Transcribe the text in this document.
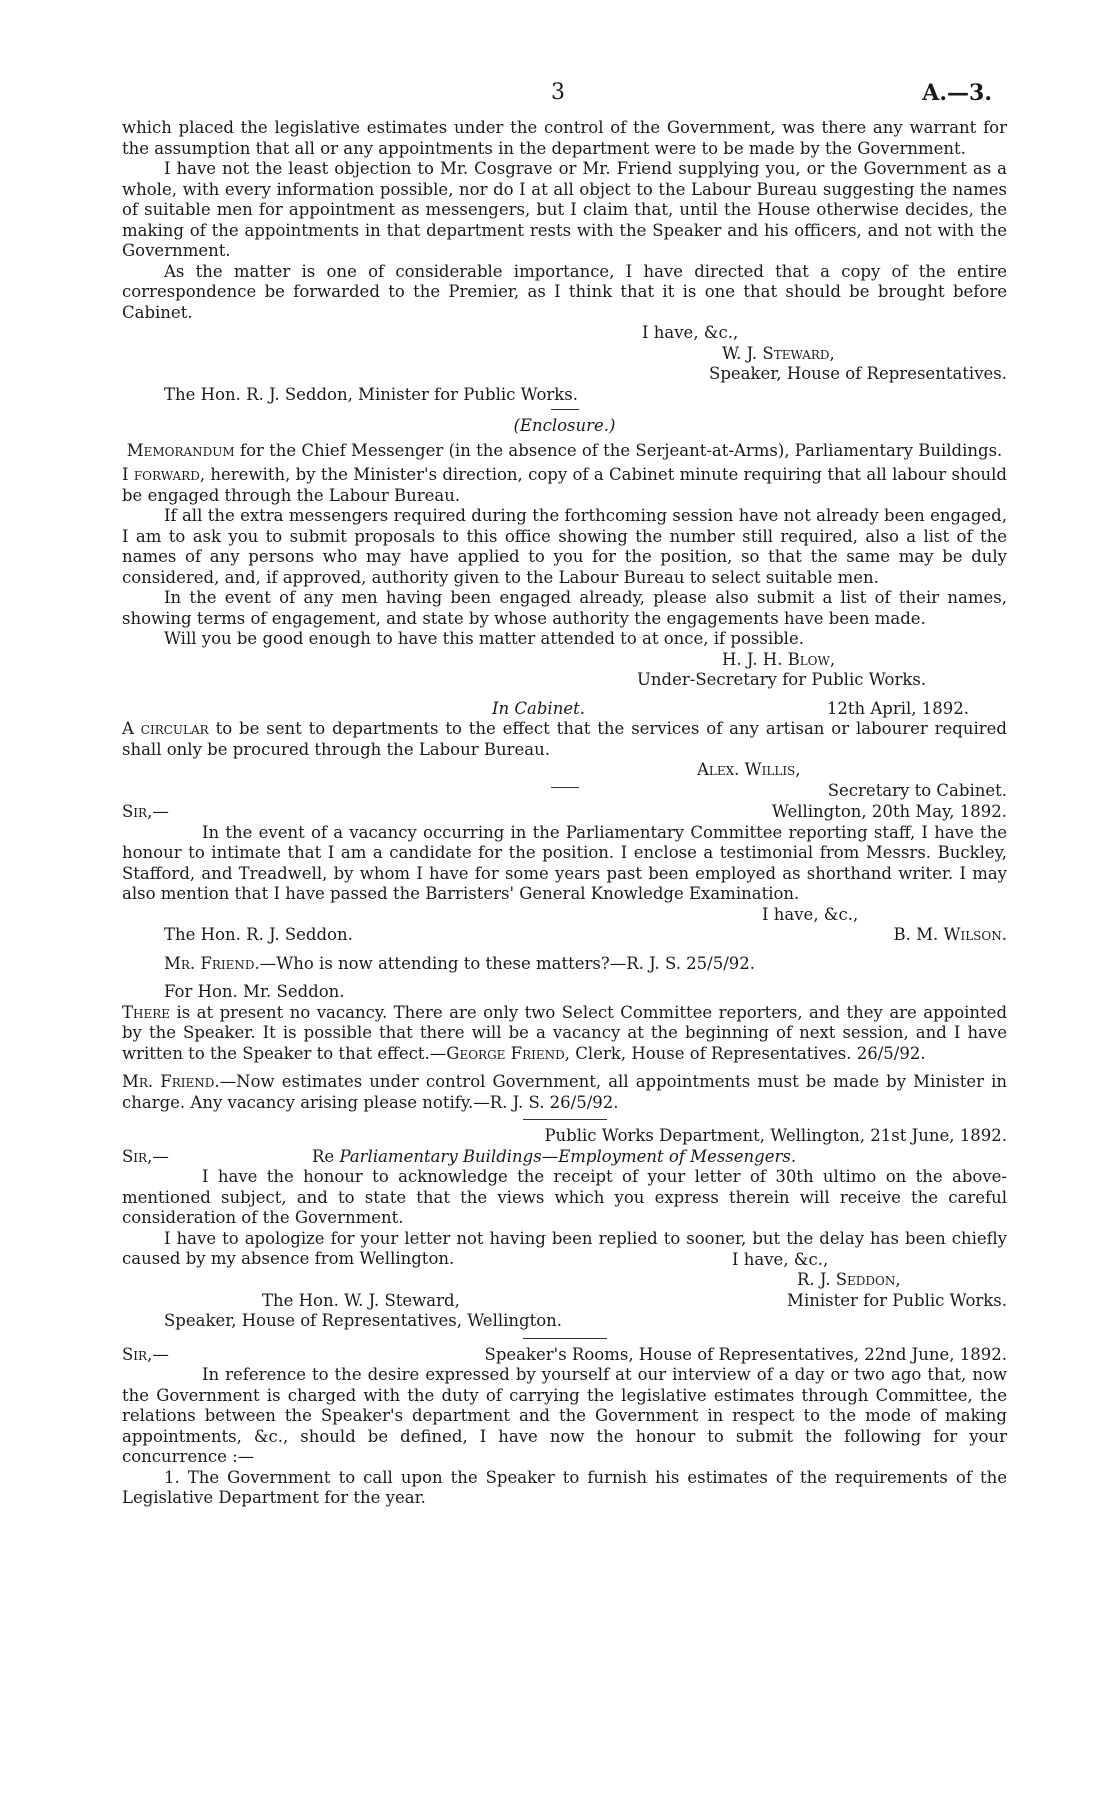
3	A.—3.

which placed the legislative estimates under the control of the Government, was there any warrant for the assumption that all or any appointments in the department were to be made by the Government.

I have not the least objection to Mr. Cosgrave or Mr. Friend supplying you, or the Government as a whole, with every information possible, nor do I at all object to the Labour Bureau suggesting the names of suitable men for appointment as messengers, but I claim that, until the House otherwise decides, the making of the appointments in that department rests with the Speaker and his officers, and not with the Government.

As the matter is one of considerable importance, I have directed that a copy of the entire correspondence be forwarded to the Premier, as I think that it is one that should be brought before Cabinet.

I have, &c.,

W. J. Steward,

Speaker, House of Representatives.

The Hon. R. J. Seddon, Minister for Public Works.

(Enclosure.)

Memorandum for the Chief Messenger (in the absence of the Serjeant-at-Arms), Parliamentary Buildings.

I forward, herewith, by the Minister's direction, copy of a Cabinet minute requiring that all labour should be engaged through the Labour Bureau.

If all the extra messengers required during the forthcoming session have not already been engaged, I am to ask you to submit proposals to this office showing the number still required, also a list of the names of any persons who may have applied to you for the position, so that the same may be duly considered, and, if approved, authority given to the Labour Bureau to select suitable men.

In the event of any men having been engaged already, please also submit a list of their names, showing terms of engagement, and state by whose authority the engagements have been made.

Will you be good enough to have this matter attended to at once, if possible.

H. J. H. Blow,

Under-Secretary for Public Works.

In Cabinet.	12th April, 1892.

A circular to be sent to departments to the effect that the services of any artisan or labourer required shall only be procured through the Labour Bureau.

Alex. Willis,

Secretary to Cabinet.

Sir,—	Wellington, 20th May, 1892.

In the event of a vacancy occurring in the Parliamentary Committee reporting staff, I have the honour to intimate that I am a candidate for the position. I enclose a testimonial from Messrs. Buckley, Stafford, and Treadwell, by whom I have for some years past been employed as shorthand writer. I may also mention that I have passed the Barristers' General Knowledge Examination.

I have, &c.,

The Hon. R. J. Seddon.	B. M. Wilson.

Mr. Friend.—Who is now attending to these matters?—R. J. S. 25/5/92.

For Hon. Mr. Seddon.

There is at present no vacancy. There are only two Select Committee reporters, and they are appointed by the Speaker. It is possible that there will be a vacancy at the beginning of next session, and I have written to the Speaker to that effect.—George Friend, Clerk, House of Representatives. 26/5/92.

Mr. Friend.—Now estimates under control Government, all appointments must be made by Minister in charge. Any vacancy arising please notify.—R. J. S. 26/5/92.

Public Works Department, Wellington, 21st June, 1892.

Sir,—	Re Parliamentary Buildings—Employment of Messengers.

I have the honour to acknowledge the receipt of your letter of 30th ultimo on the above-mentioned subject, and to state that the views which you express therein will receive the careful consideration of the Government.

I have to apologize for your letter not having been replied to sooner, but the delay has been chiefly caused by my absence from Wellington.	I have, &c.,

R. J. Seddon,

The Hon. W. J. Steward,	Minister for Public Works.

Speaker, House of Representatives, Wellington.

Sir,—	Speaker's Rooms, House of Representatives, 22nd June, 1892.

In reference to the desire expressed by yourself at our interview of a day or two ago that, now the Government is charged with the duty of carrying the legislative estimates through Committee, the relations between the Speaker's department and the Government in respect to the mode of making appointments, &c., should be defined, I have now the honour to submit the following for your concurrence :—

1. The Government to call upon the Speaker to furnish his estimates of the requirements of the Legislative Department for the year.
